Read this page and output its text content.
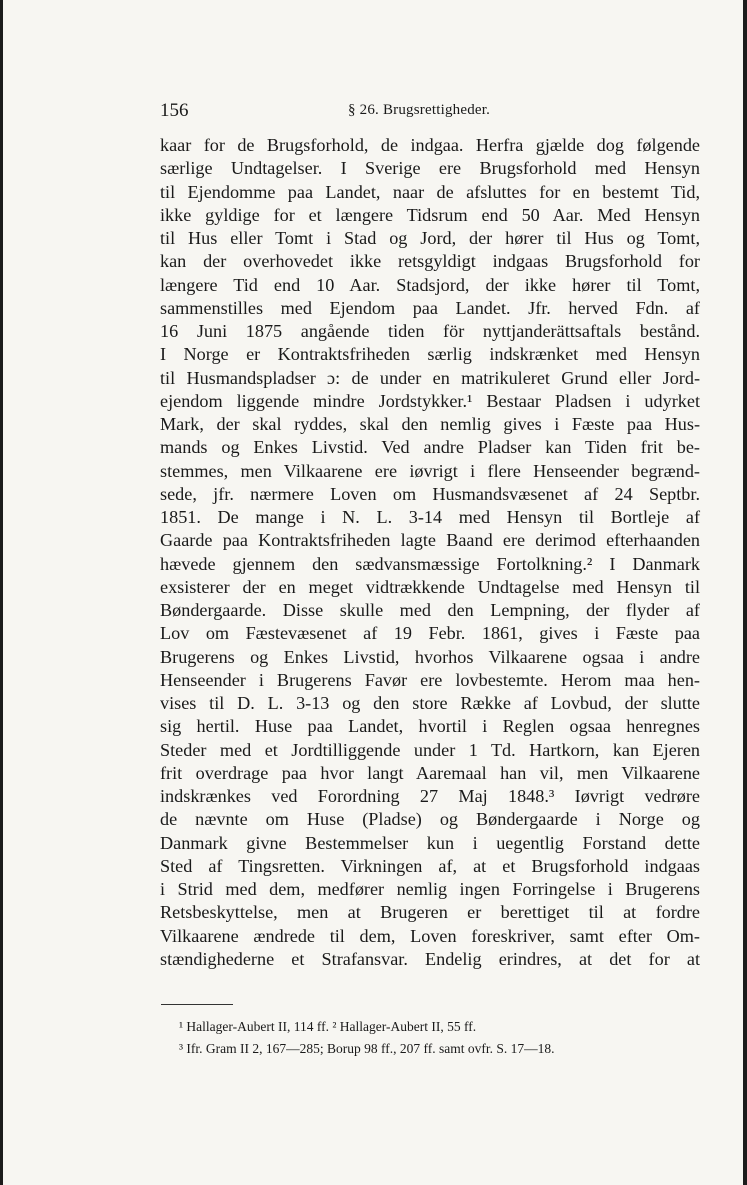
156	§ 26. Brugsrettigheder.
kaar for de Brugsforhold, de indgaa. Herfra gjælde dog følgende
særlige Undtagelser. I Sverige ere Brugsforhold med Hensyn
til Ejendomme paa Landet, naar de afsluttes for en bestemt Tid,
ikke gyldige for et længere Tidsrum end 50 Aar. Med Hensyn
til Hus eller Tomt i Stad og Jord, der hører til Hus og Tomt,
kan der overhovedet ikke retsgyldigt indgaas Brugsforhold for
længere Tid end 10 Aar. Stadsjord, der ikke hører til Tomt,
sammenstilles med Ejendom paa Landet. Jfr. herved Fdn. af
16 Juni 1875 angående tiden för nyttjanderättsaftals bestånd.
I Norge er Kontraktsfriheden særlig indskrænket med Hensyn
til Husmandspladser ɔ: de under en matrikuleret Grund eller Jord-
ejendom liggende mindre Jordstykker.¹ Bestaar Pladsen i udyrket
Mark, der skal ryddes, skal den nemlig gives i Fæste paa Hus-
mands og Enkes Livstid. Ved andre Pladser kan Tiden frit be-
stemmes, men Vilkaarene ere iøvrigt i flere Henseender begrænd-
sede, jfr. nærmere Loven om Husmandsvæsenet af 24 Septbr.
1851. De mange i N. L. 3-14 med Hensyn til Bortleje af
Gaarde paa Kontraktsfriheden lagte Baand ere derimod efterhaanden
hævede gjennem den sædvansmæssige Fortolkning.² I Danmark
exsisterer der en meget vidtrækkende Undtagelse med Hensyn til
Bøndergaarde. Disse skulle med den Lempning, der flyder af
Lov om Fæstevæsenet af 19 Febr. 1861, gives i Fæste paa
Brugerens og Enkes Livstid, hvorhos Vilkaarene ogsaa i andre
Henseender i Brugerens Favør ere lovbestemte. Herom maa hen-
vises til D. L. 3-13 og den store Række af Lovbud, der slutte
sig hertil. Huse paa Landet, hvortil i Reglen ogsaa henregnes
Steder med et Jordtilliggende under 1 Td. Hartkorn, kan Ejeren
frit overdrage paa hvor langt Aaremaal han vil, men Vilkaarene
indskrænkes ved Forordning 27 Maj 1848.³ Iøvrigt vedrøre
de nævnte om Huse (Pladse) og Bøndergaarde i Norge og
Danmark givne Bestemmelser kun i uegentlig Forstand dette
Sted af Tingsretten. Virkningen af, at et Brugsforhold indgaas
i Strid med dem, medfører nemlig ingen Forringelse i Brugerens
Retsbeskyttelse, men at Brugeren er berettiget til at fordre
Vilkaarene ændrede til dem, Loven foreskriver, samt efter Om-
stændighederne et Strafansvar. Endelig erindres, at det for at
¹ Hallager-Aubert II, 114 ff. ² Hallager-Aubert II, 55 ff.
³ Ifr. Gram II 2, 167—285; Borup 98 ff., 207 ff. samt ovfr. S. 17—18.
